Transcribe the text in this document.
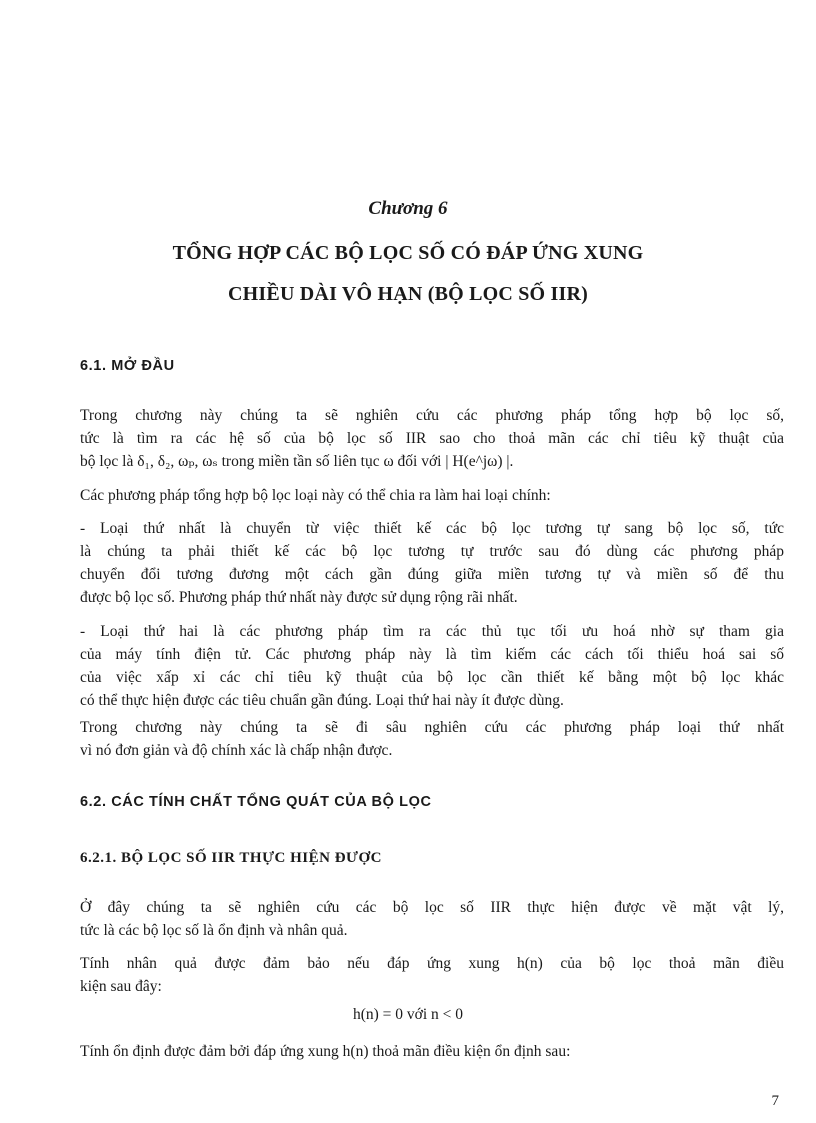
Chương 6
TỔNG HỢP CÁC BỘ LỌC SỐ CÓ ĐÁP ỨNG XUNG
CHIỀU DÀI VÔ HẠN (BỘ LỌC SỐ IIR)
6.1. MỞ ĐẦU
Trong chương này chúng ta sẽ nghiên cứu các phương pháp tổng hợp bộ lọc số,
tức là tìm ra các hệ số của bộ lọc số IIR sao cho thoả mãn các chỉ tiêu kỹ thuật của
bộ lọc là δ₁, δ₂, ωₚ, ωₛ trong miền tần số liên tục ω đối với | H(e^jω) |.
Các phương pháp tổng hợp bộ lọc loại này có thể chia ra làm hai loại chính:
- Loại thứ nhất là chuyển từ việc thiết kế các bộ lọc tương tự sang bộ lọc số, tức
là chúng ta phải thiết kế các bộ lọc tương tự trước sau đó dùng các phương pháp
chuyển đổi tương đương một cách gần đúng giữa miền tương tự và miền số để thu
được bộ lọc số. Phương pháp thứ nhất này được sử dụng rộng rãi nhất.
- Loại thứ hai là các phương pháp tìm ra các thủ tục tối ưu hoá nhờ sự tham gia
của máy tính điện tử. Các phương pháp này là tìm kiếm các cách tối thiểu hoá sai số
của việc xấp xỉ các chỉ tiêu kỹ thuật của bộ lọc cần thiết kế bằng một bộ lọc khác
có thể thực hiện được các tiêu chuẩn gần đúng. Loại thứ hai này ít được dùng.
Trong chương này chúng ta sẽ đi sâu nghiên cứu các phương pháp loại thứ nhất
vì nó đơn giản và độ chính xác là chấp nhận được.
6.2. CÁC TÍNH CHẤT TỔNG QUÁT CỦA BỘ LỌC
6.2.1. BỘ LỌC SỐ IIR THỰC HIỆN ĐƯỢC
Ở đây chúng ta sẽ nghiên cứu các bộ lọc số IIR thực hiện được về mặt vật lý,
tức là các bộ lọc số là ổn định và nhân quả.
Tính nhân quả được đảm bảo nếu đáp ứng xung h(n) của bộ lọc thoả mãn điều
kiện sau đây:
h(n) = 0 với n < 0
Tính ổn định được đảm bởi đáp ứng xung h(n) thoả mãn điều kiện ổn định sau:
7
